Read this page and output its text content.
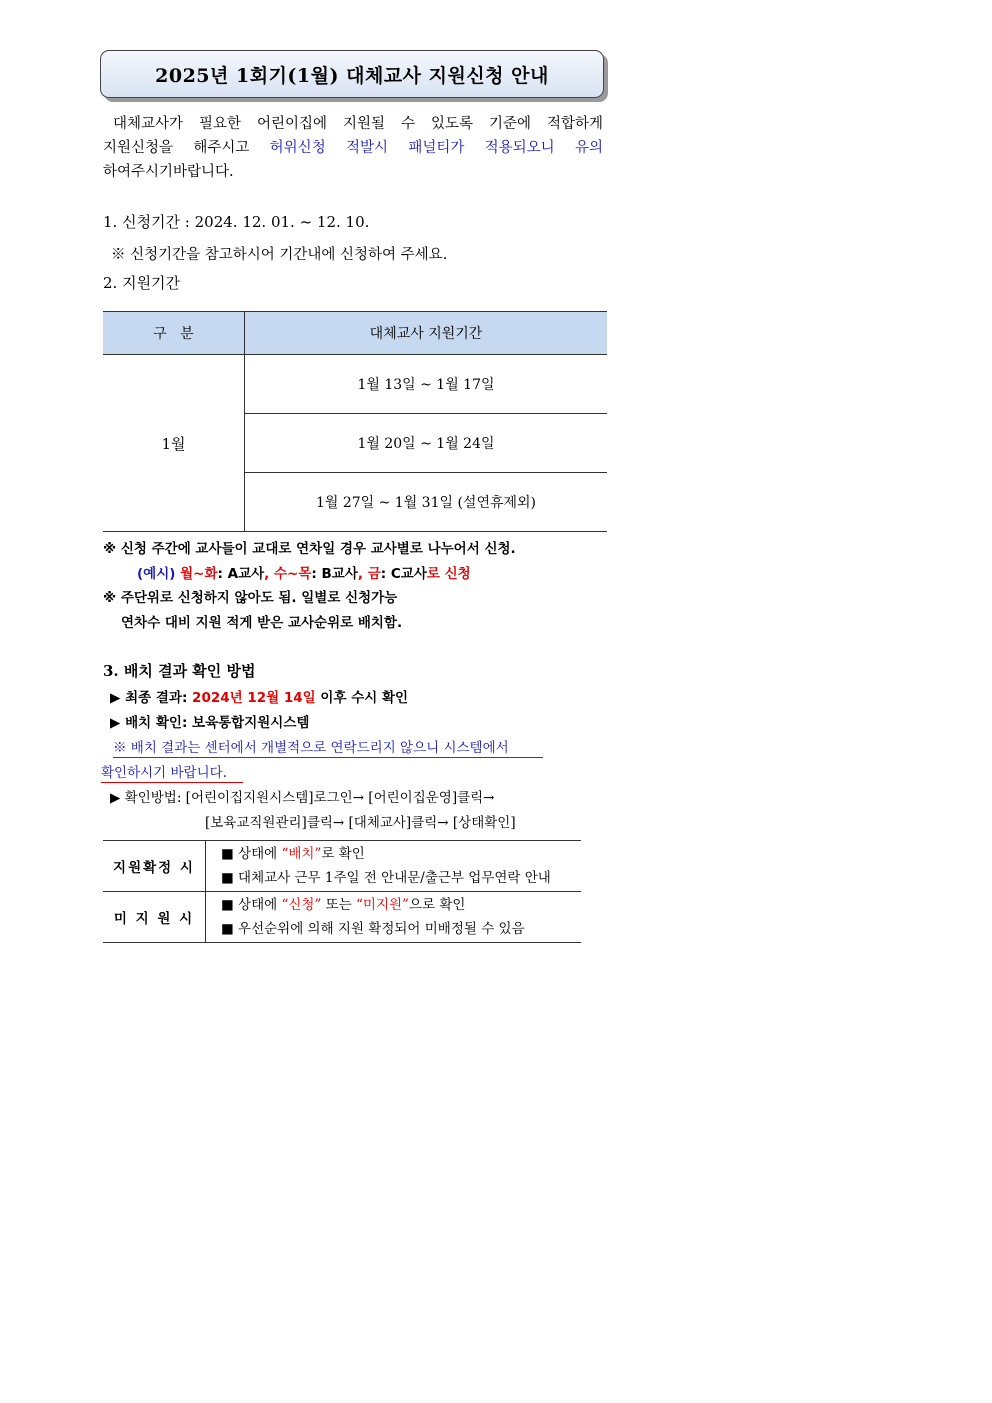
2025년 1회기(1월) 대체교사 지원신청 안내
대체교사가 필요한 어린이집에 지원될 수 있도록 기준에 적합하게
지원신청을 해주시고 허위신청 적발시 패널티가 적용되오니 유의
하여주시기바랍니다.
1. 신청기간 : 2024. 12. 01. ~ 12. 10.
※ 신청기간을 참고하시어 기간내에 신청하여 주세요.
2. 지원기간
구   분	대체교사 지원기간
1월	1월 13일 ~ 1월 17일
	1월 20일 ~ 1월 24일
	1월 27일 ~ 1월 31일 (설연휴제외)
※ 신청 주간에 교사들이 교대로 연차일 경우 교사별로 나누어서 신청.
(예시) 월~화: A교사, 수~목: B교사, 금: C교사로 신청
※ 주단위로 신청하지 않아도 됨. 일별로 신청가능
연차수 대비 지원 적게 받은 교사순위로 배치함.
3. 배치 결과 확인 방법
▶ 최종 결과: 2024년 12월 14일 이후 수시 확인
▶ 배치 확인: 보육통합지원시스템
※ 배치 결과는 센터에서 개별적으로 연락드리지 않으니 시스템에서
확인하시기 바랍니다.
▶ 확인방법: [어린이집지원시스템]로그인→ [어린이집운영]클릭→
[보육교직원관리]클릭→ [대체교사]클릭→ [상태확인]
지원확정 시	■ 상태에 “배치”로 확인
■ 대체교사 근무 1주일 전 안내문/출근부 업무연락 안내

미 지 원 시	■ 상태에 “신청” 또는 “미지원”으로 확인
■ 우선순위에 의해 지원 확정되어 미배정될 수 있음
